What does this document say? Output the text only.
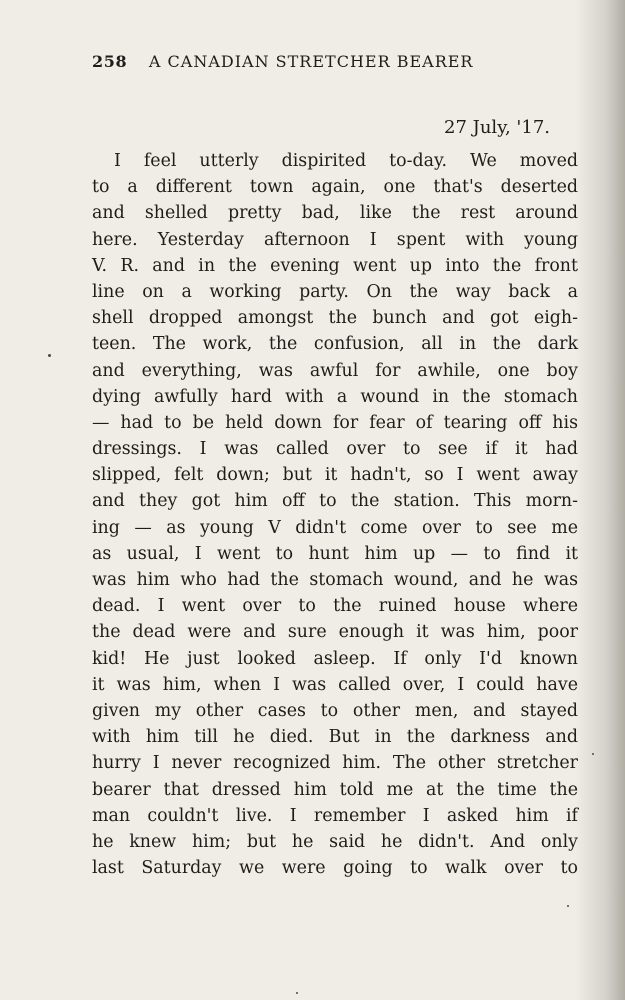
258 A CANADIAN STRETCHER BEARER
27 July, '17.
I feel utterly dispirited to-day. We moved
to a different town again, one that's deserted
and shelled pretty bad, like the rest around
here. Yesterday afternoon I spent with young
V. R. and in the evening went up into the front
line on a working party. On the way back a
shell dropped amongst the bunch and got eigh-
teen. The work, the confusion, all in the dark
and everything, was awful for awhile, one boy
dying awfully hard with a wound in the stomach
— had to be held down for fear of tearing off his
dressings. I was called over to see if it had
slipped, felt down; but it hadn't, so I went away
and they got him off to the station. This morn-
ing — as young V didn't come over to see me
as usual, I went to hunt him up — to find it
was him who had the stomach wound, and he was
dead. I went over to the ruined house where
the dead were and sure enough it was him, poor
kid! He just looked asleep. If only I'd known
it was him, when I was called over, I could have
given my other cases to other men, and stayed
with him till he died. But in the darkness and
hurry I never recognized him. The other stretcher
bearer that dressed him told me at the time the
man couldn't live. I remember I asked him if
he knew him; but he said he didn't. And only
last Saturday we were going to walk over to
